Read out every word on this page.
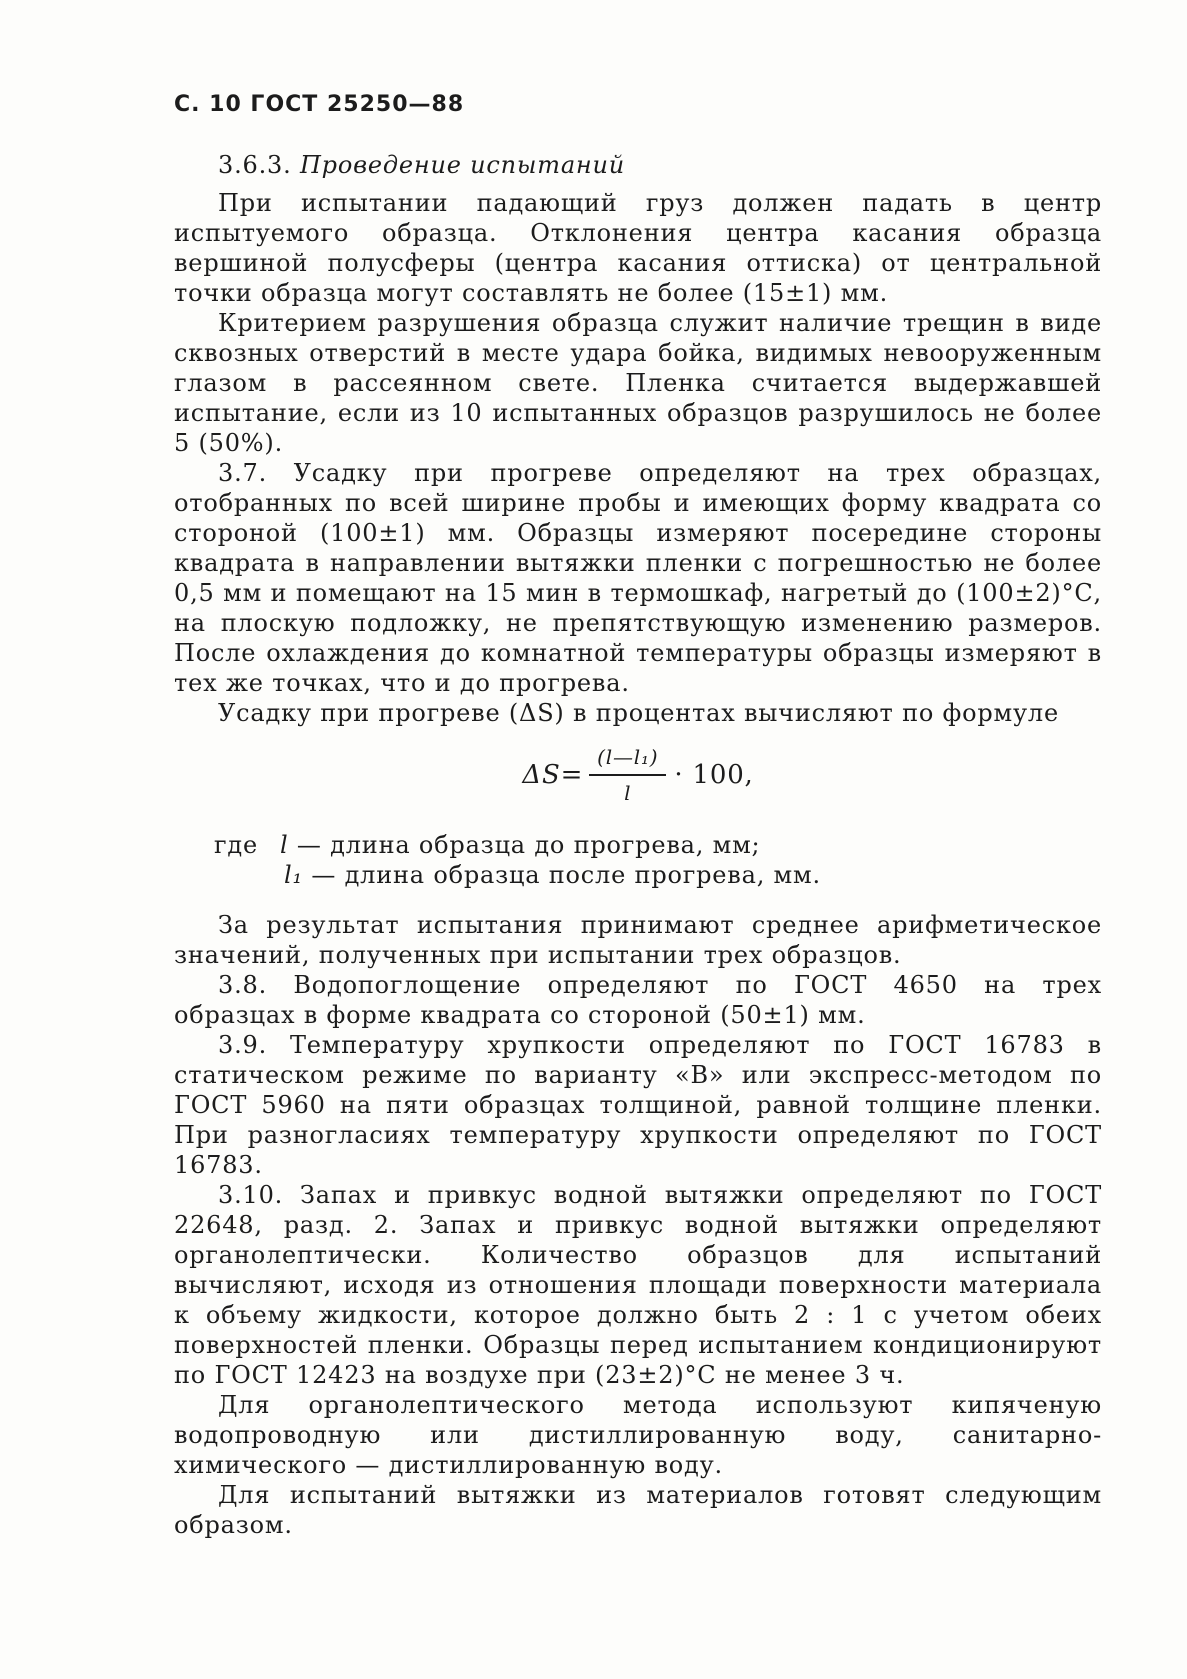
С. 10 ГОСТ 25250—88

3.6.3. Проведение испытаний

При испытании падающий груз должен падать в центр испытуемого образца. Отклонения центра касания образца вершиной полусферы (центра касания оттиска) от центральной точки образца могут составлять не более (15±1) мм.

Критерием разрушения образца служит наличие трещин в виде сквозных отверстий в месте удара бойка, видимых невооруженным глазом в рассеянном свете. Пленка считается выдержавшей испытание, если из 10 испытанных образцов разрушилось не более 5 (50%).

3.7. Усадку при прогреве определяют на трех образцах, отобранных по всей ширине пробы и имеющих форму квадрата со стороной (100±1) мм. Образцы измеряют посередине стороны квадрата в направлении вытяжки пленки с погрешностью не более 0,5 мм и помещают на 15 мин в термошкаф, нагретый до (100±2)°С, на плоскую подложку, не препятствующую изменению размеров. После охлаждения до комнатной температуры образцы измеряют в тех же точках, что и до прогрева.

Усадку при прогреве (ΔS) в процентах вычисляют по формуле

$\Delta S= \frac{\text{(l—l₁)}}{l} \cdot 100$,
где l
— длина образца до прогрева, мм;
l₁
— длина образца после прогрева, мм.

За результат испытания принимают среднее арифметическое значений, полученных при испытании трех образцов.

3.8. Водопоглощение определяют по ГОСТ 4650 на трех образцах в форме квадрата со стороной (50±1) мм.

3.9. Температуру хрупкости определяют по ГОСТ 16783 в статическом режиме по варианту «В» или экспресс-методом по ГОСТ 5960 на пяти образцах толщиной, равной толщине пленки. При разногласиях температуру хрупкости определяют по ГОСТ 16783.

3.10. Запах и привкус водной вытяжки определяют по ГОСТ 22648, разд. 2. Запах и привкус водной вытяжки определяют органолептически. Количество образцов для испытаний вычисляют, исходя из отношения площади поверхности материала к объему жидкости, которое должно быть 2 : 1 с учетом обеих поверхностей пленки. Образцы перед испытанием кондиционируют по ГОСТ 12423 на воздухе при (23±2)°С не менее 3 ч.

Для органолептического метода используют кипяченую водопроводную или дистиллированную воду, санитарно-химического — дистиллированную воду.

Для испытаний вытяжки из материалов готовят следующим образом.
